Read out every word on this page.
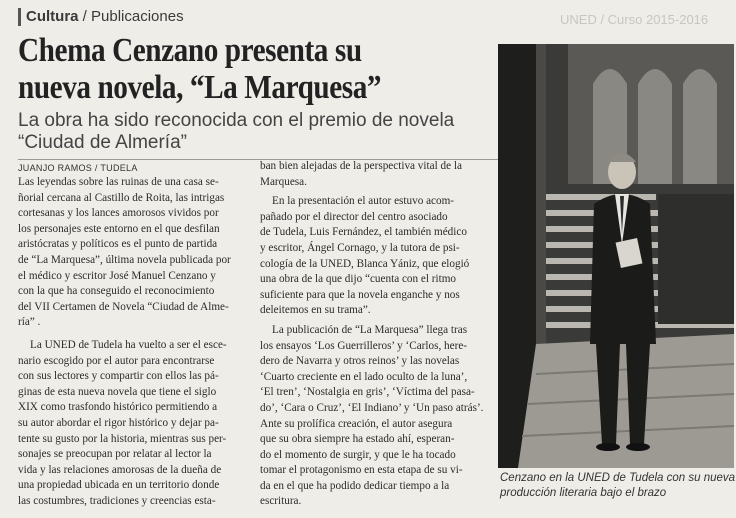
UNED / Curso 2015-2016
Cultura / Publicaciones
Chema Cenzano presenta su
nueva novela, “La Marquesa”
La obra ha sido reconocida con el premio de novela
“Ciudad de Almería”
JUANJO RAMOS / TUDELA
Las leyendas sobre las ruinas de una casa se-
ñorial cercana al Castillo de Roita, las intrigas
cortesanas y los lances amorosos vividos por
los personajes este entorno en el que desfilan
aristócratas y políticos es el punto de partida
de “La Marquesa”, última novela publicada por
el médico y escritor José Manuel Cenzano y
con la que ha conseguido el reconocimiento
del VII Certamen de Novela “Ciudad de Alme-
ría” .
La UNED de Tudela ha vuelto a ser el esce-
nario escogido por el autor para encontrarse
con sus lectores y compartir con ellos las pá-
ginas de esta nueva novela que tiene el siglo
XIX como trasfondo histórico permitiendo a
su autor abordar el rigor histórico y dejar pa-
tente su gusto por la historia, mientras sus per-
sonajes se preocupan por relatar al lector la
vida y las relaciones amorosas de la dueña de
una propiedad ubicada en un territorio donde
las costumbres, tradiciones y creencias esta-
ban bien alejadas de la perspectiva vital de la
Marquesa.
En la presentación el autor estuvo acom-
pañado por el director del centro asociado
de Tudela, Luis Fernández, el también médico
y escritor, Ángel Cornago, y la tutora de psi-
cología de la UNED, Blanca Yániz, que elogió
una obra de la que dijo “cuenta con el ritmo
suficiente para que la novela enganche y nos
deleitemos en su trama”.
La publicación de “La Marquesa” llega tras
los ensayos ‘Los Guerrilleros’ y ‘Carlos, here-
dero de Navarra y otros reinos’ y las novelas
‘Cuarto creciente en el lado oculto de la luna’,
‘El tren’, ‘Nostalgia en gris’, ‘Víctima del pasa-
do’, ‘Cara o Cruz’, ‘El Indiano’ y ‘Un paso atrás’.
Ante su prolífica creación, el autor asegura
que su obra siempre ha estado ahí, esperan-
do el momento de surgir, y que le ha tocado
tomar el protagonismo en esta etapa de su vi-
da en el que ha podido dedicar tiempo a la
escritura.
Cenzano en la UNED de Tudela con su nueva
producción literaria bajo el brazo
